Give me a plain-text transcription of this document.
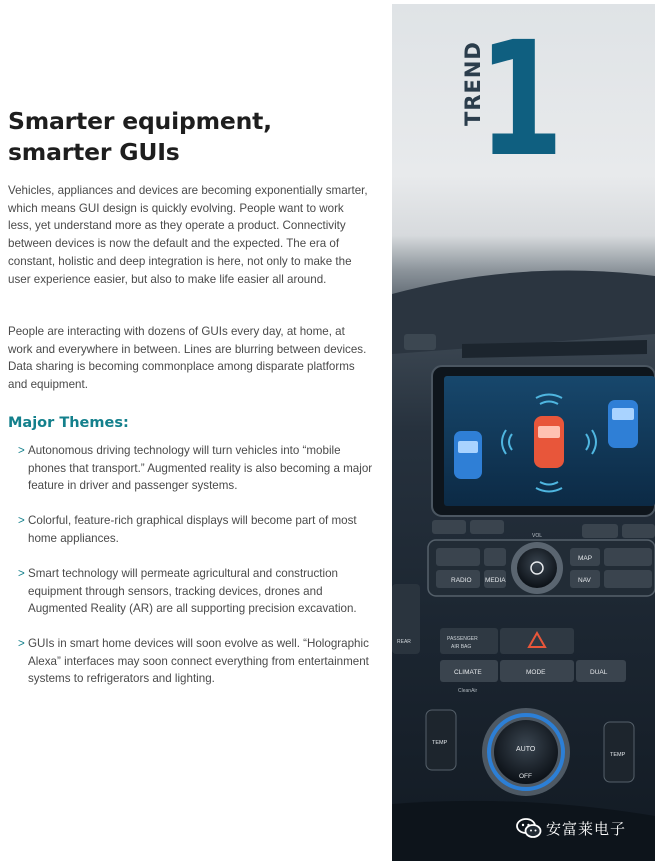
Smarter equipment,
smarter GUIs

Vehicles, appliances and devices are becoming exponentially smarter, which means GUI design is quickly evolving. People want to work less, yet understand more as they operate a product. Connectivity between devices is now the default and the expected. The era of constant, holistic and deep integration is here, not only to make the user experience easier, but also to make life easier all around.

People are interacting with dozens of GUIs every day, at home, at work and everywhere in between. Lines are blurring between devices. Data sharing is becoming commonplace among disparate platforms and equipment.

Major Themes:
> Autonomous driving technology will turn vehicles into “mobile phones that transport.” Augmented reality is also becoming a major feature in driver and passenger systems.
> Colorful, feature-rich graphical displays will become part of most home appliances.
> Smart technology will permeate agricultural and construction equipment through sensors, tracking devices, drones and Augmented Reality (AR) are all supporting precision excavation.
> GUIs in smart home devices will soon evolve as well. “Holographic Alexa” interfaces may soon connect everything from entertainment systems to refrigerators and lighting.
RADIO MEDIA
VOL
MAP
NAV
REAR	PASSENGER
AIR BAG
CLIMATE	MODE	DUAL
CleanAir
TEMP
TEMP
AUTO
OFF
TREND
1
安富莱电子
